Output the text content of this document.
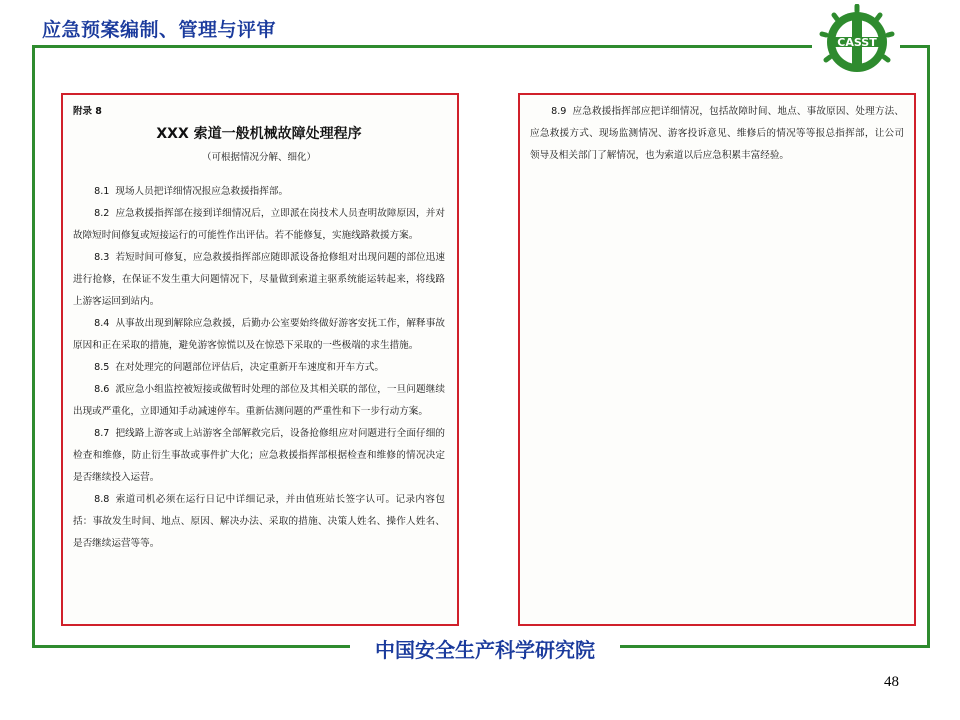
应急预案编制、管理与评审
CASST
附录 8
XXX 索道一般机械故障处理程序
（可根据情况分解、细化）

8.1 现场人员把详细情况报应急救援指挥部。

8.2 应急救援指挥部在接到详细情况后，立即派在岗技术人员查明故障原因，并对故障短时间修复或短接运行的可能性作出评估。若不能修复，实施线路救援方案。

8.3 若短时间可修复，应急救援指挥部应随即派设备抢修组对出现问题的部位迅速进行抢修，在保证不发生重大问题情况下，尽量做到索道主驱系统能运转起来，将线路上游客运回到站内。

8.4 从事故出现到解除应急救援，后勤办公室要始终做好游客安抚工作，解释事故原因和正在采取的措施，避免游客惊慌以及在惊恐下采取的一些极端的求生措施。

8.5 在对处理完的问题部位评估后，决定重新开车速度和开车方式。

8.6 派应急小组监控被短接或做暂时处理的部位及其相关联的部位，一旦问题继续出现或严重化，立即通知手动减速停车。重新估测问题的严重性和下一步行动方案。

8.7 把线路上游客或上站游客全部解救完后，设备抢修组应对问题进行全面仔细的检查和维修，防止衍生事故或事件扩大化；应急救援指挥部根据检查和维修的情况决定是否继续投入运营。

8.8 索道司机必须在运行日记中详细记录，并由值班站长签字认可。记录内容包括：事故发生时间、地点、原因、解决办法、采取的措施、决策人姓名、操作人姓名、是否继续运营等等。

8.9 应急救援指挥部应把详细情况，包括故障时间、地点、事故原因、处理方法、应急救援方式、现场监测情况、游客投诉意见、维修后的情况等等报总指挥部，让公司领导及相关部门了解情况，也为索道以后应急积累丰富经验。

中国安全生产科学研究院
48
